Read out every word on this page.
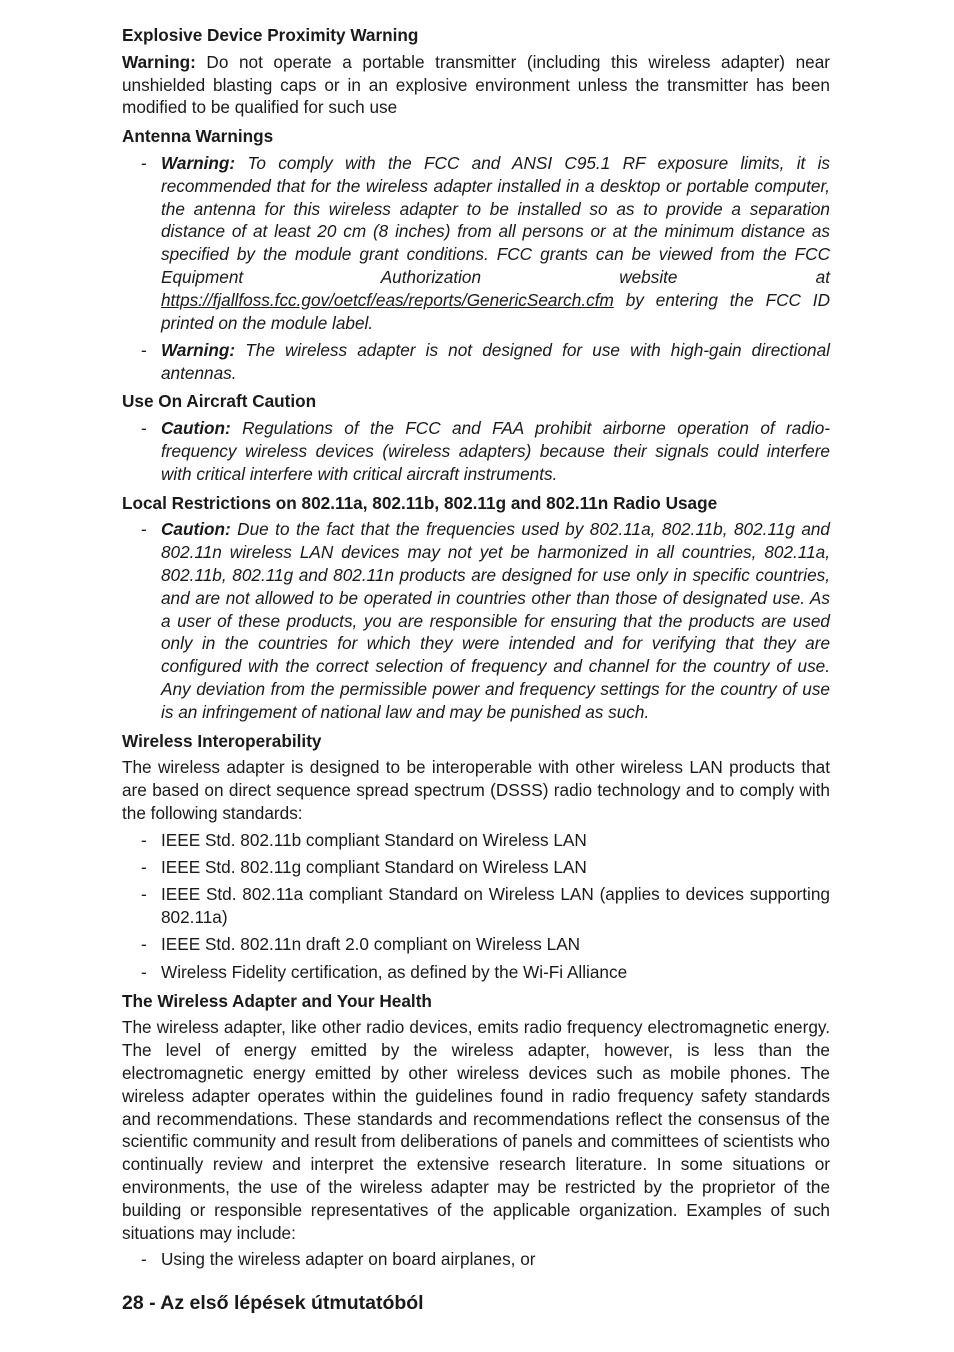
Explosive Device Proximity Warning

Warning: Do not operate a portable transmitter (including this wireless adapter) near unshielded blasting caps or in an explosive environment unless the transmitter has been modified to be qualified for such use

Antenna Warnings

- Warning: To comply with the FCC and ANSI C95.1 RF exposure limits, it is recommended that for the wireless adapter installed in a desktop or portable computer, the antenna for this wireless adapter to be installed so as to provide a separation distance of at least 20 cm (8 inches) from all persons or at the minimum distance as specified by the module grant conditions. FCC grants can be viewed from the FCC Equipment Authorization website at https://fjallfoss.fcc.gov/oetcf/eas/reports/GenericSearch.cfm by entering the FCC ID printed on the module label.
- Warning: The wireless adapter is not designed for use with high-gain directional antennas.

Use On Aircraft Caution

- Caution: Regulations of the FCC and FAA prohibit airborne operation of radio-frequency wireless devices (wireless adapters) because their signals could interfere with critical interfere with critical aircraft instruments.

Local Restrictions on 802.11a, 802.11b, 802.11g and 802.11n Radio Usage

- Caution: Due to the fact that the frequencies used by 802.11a, 802.11b, 802.11g and 802.11n wireless LAN devices may not yet be harmonized in all countries, 802.11a, 802.11b, 802.11g and 802.11n products are designed for use only in specific countries, and are not allowed to be operated in countries other than those of designated use. As a user of these products, you are responsible for ensuring that the products are used only in the countries for which they were intended and for verifying that they are configured with the correct selection of frequency and channel for the country of use. Any deviation from the permissible power and frequency settings for the country of use is an infringement of national law and may be punished as such.

Wireless Interoperability

The wireless adapter is designed to be interoperable with other wireless LAN products that are based on direct sequence spread spectrum (DSSS) radio technology and to comply with the following standards:

- IEEE Std. 802.11b compliant Standard on Wireless LAN
- IEEE Std. 802.11g compliant Standard on Wireless LAN
- IEEE Std. 802.11a compliant Standard on Wireless LAN (applies to devices supporting 802.11a)
- IEEE Std. 802.11n draft 2.0 compliant on Wireless LAN
- Wireless Fidelity certification, as defined by the Wi-Fi Alliance

The Wireless Adapter and Your Health

The wireless adapter, like other radio devices, emits radio frequency electromagnetic energy. The level of energy emitted by the wireless adapter, however, is less than the electromagnetic energy emitted by other wireless devices such as mobile phones. The wireless adapter operates within the guidelines found in radio frequency safety standards and recommendations. These standards and recommendations reflect the consensus of the scientific community and result from deliberations of panels and committees of scientists who continually review and interpret the extensive research literature. In some situations or environments, the use of the wireless adapter may be restricted by the proprietor of the building or responsible representatives of the applicable organization. Examples of such situations may include:

- Using the wireless adapter on board airplanes, or
28 - Az első lépések útmutatóból
